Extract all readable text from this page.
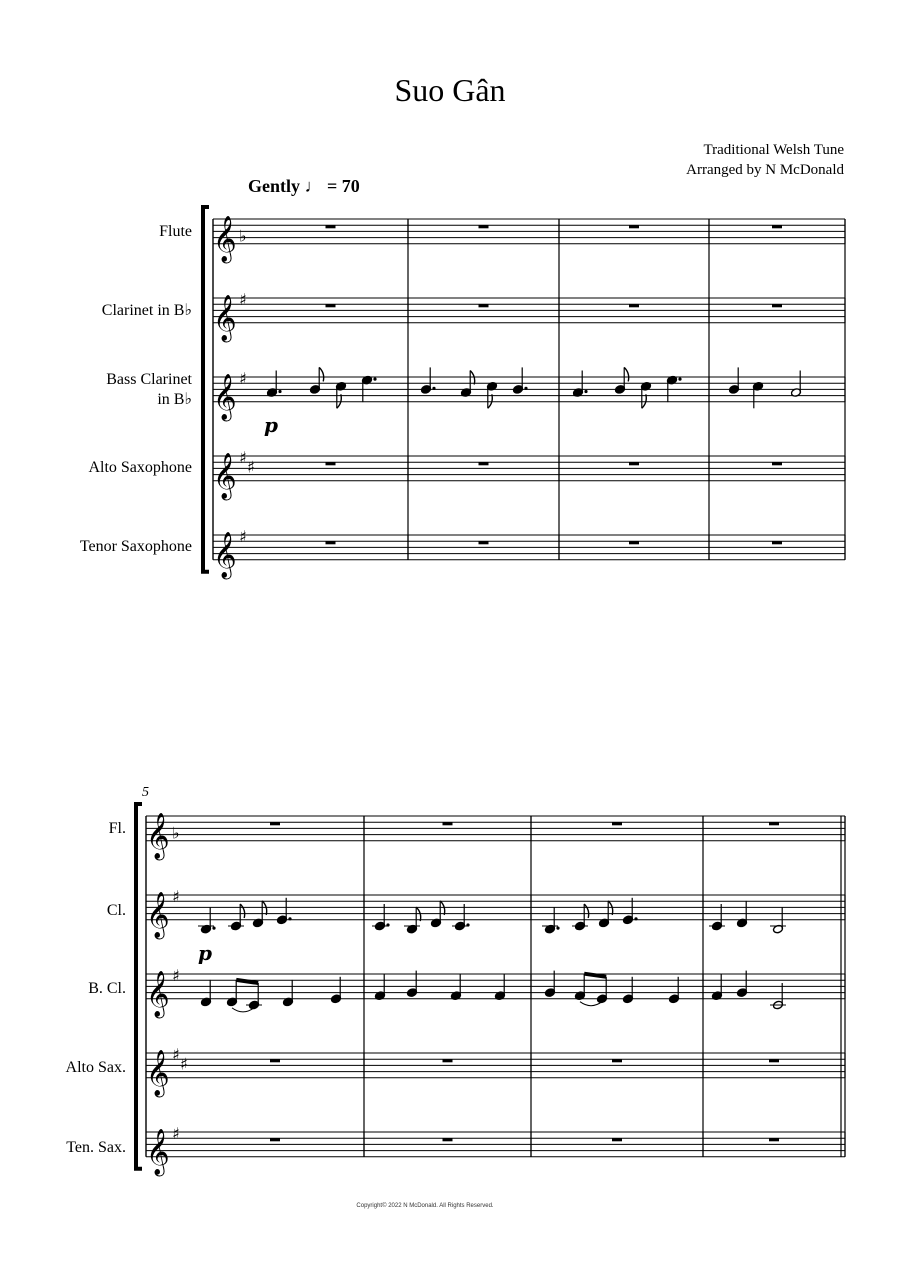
Suo Gân
Traditional Welsh Tune
Arranged by N McDonald
Gently ♩ = 70
Flute
Clarinet in B♭
Bass Clarinet
in B♭
Alto Saxophone
Tenor Saxophone
5
Fl.
Cl.
B. Cl.
Alto Sax.
Ten. Sax.
𝄞 ♭
𝄞 ♯
𝄞 ♯
𝄞 ♯ ♯
𝄞 ♯
𝄞 ♭
𝄞 ♯
𝄞 ♯
𝄞 ♯ ♯
𝄞 ♯
p
p
Copyright© 2022 N McDonald. All Rights Reserved.
